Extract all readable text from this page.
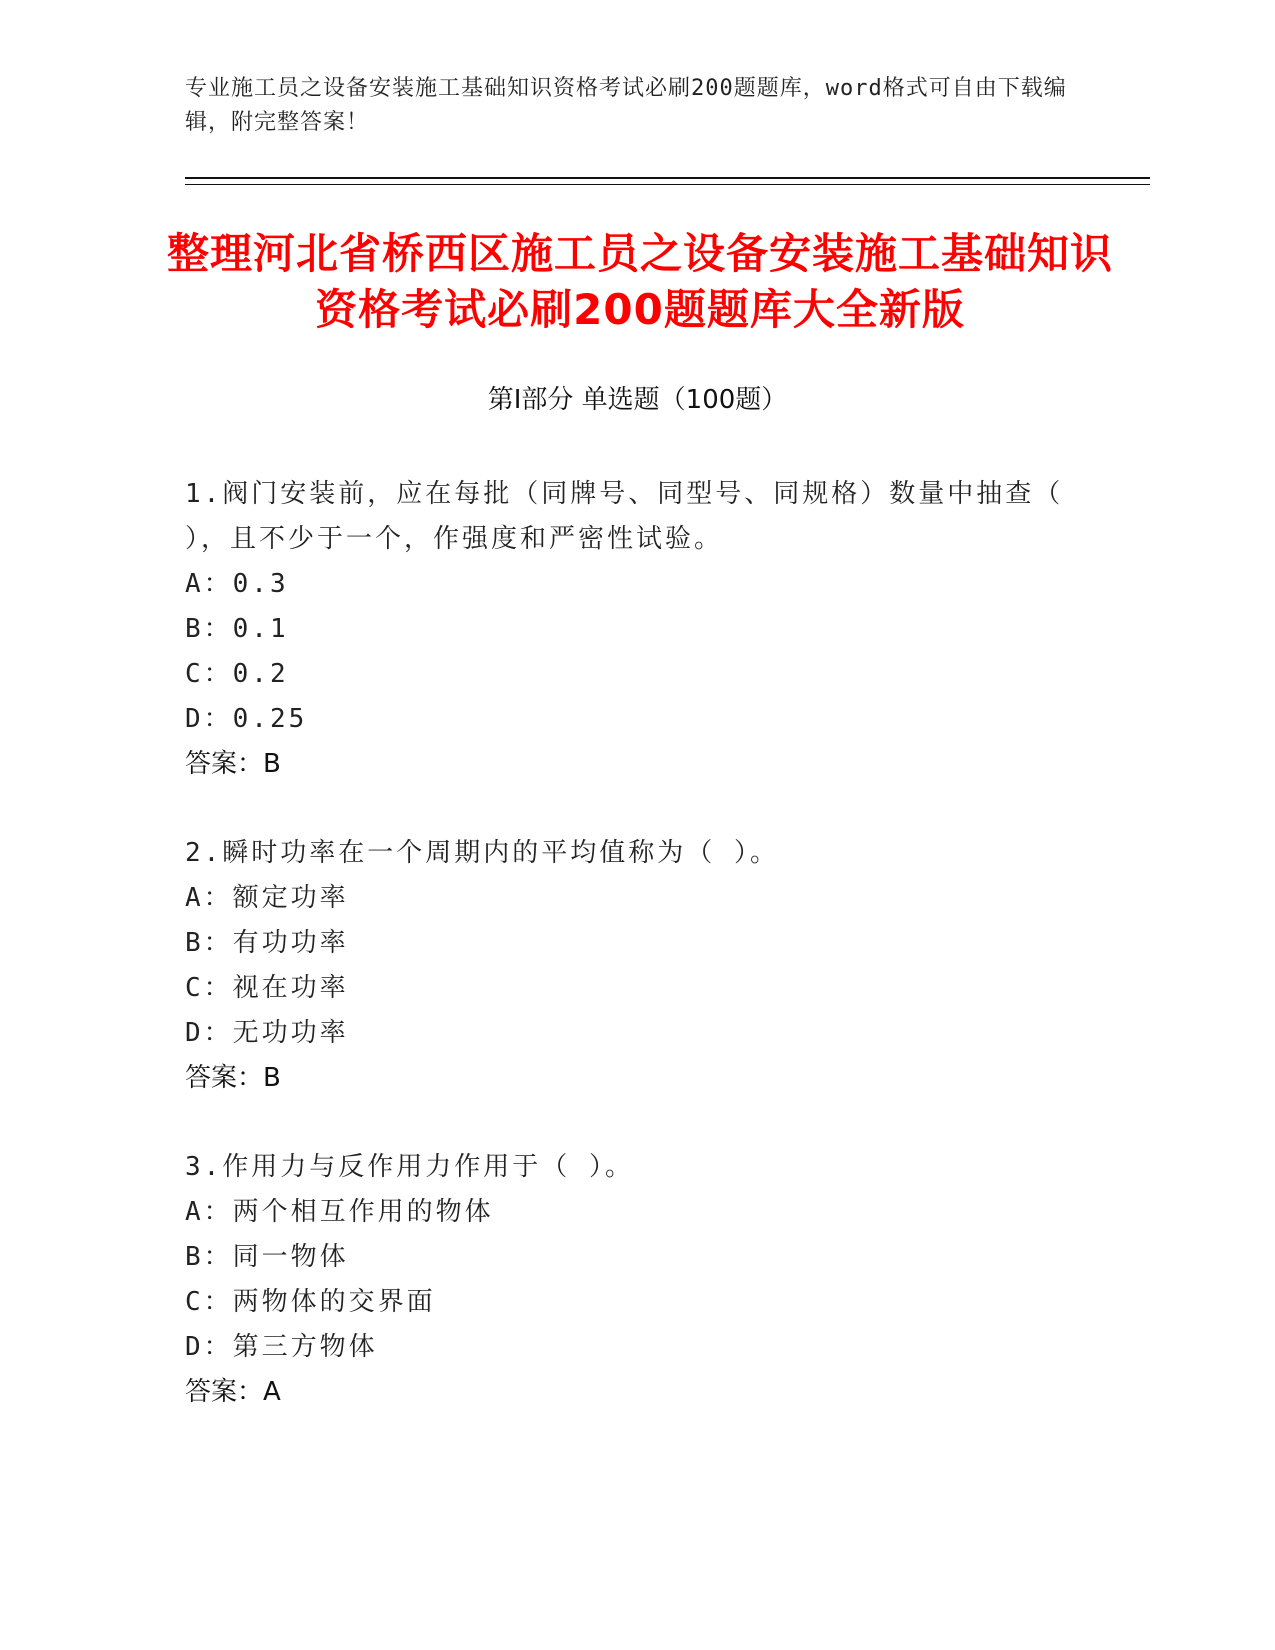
专业施工员之设备安装施工基础知识资格考试必刷200题题库，word格式可自由下载编辑，附完整答案！
整理河北省桥西区施工员之设备安装施工基础知识资格考试必刷200题题库大全新版
第Ⅰ部分 单选题（100题）
1.阀门安装前，应在每批（同牌号、同型号、同规格）数量中抽查（ ），且不少于一个，作强度和严密性试验。
A：0.3
B：0.1
C：0.2
D：0.25
答案：B
2.瞬时功率在一个周期内的平均值称为（ ）。
A：额定功率
B：有功功率
C：视在功率
D：无功功率
答案：B
3.作用力与反作用力作用于（ ）。
A：两个相互作用的物体
B：同一物体
C：两物体的交界面
D：第三方物体
答案：A
